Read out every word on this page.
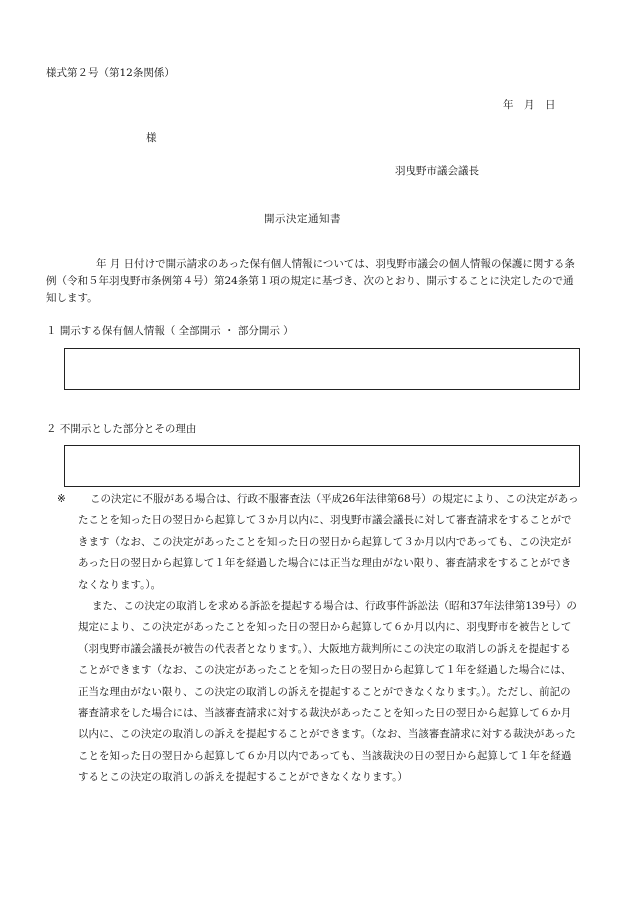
様式第２号（第12条関係）
年　月　日
様
羽曳野市議会議長
開示決定通知書
年 月 日付けで開示請求のあった保有個人情報については、羽曳野市議会の個人情報の保護に関する条例（令和５年羽曳野市条例第４号）第24条第１項の規定に基づき、次のとおり、開示することに決定したので通知します。
１ 開示する保有個人情報（ 全部開示 ・ 部分開示 ）
２ 不開示とした部分とその理由
※	この決定に不服がある場合は、行政不服審査法（平成26年法律第68号）の規定により、この決定があったことを知った日の翌日から起算して３か月以内に、羽曳野市議会議長に対して審査請求をすることができます（なお、この決定があったことを知った日の翌日から起算して３か月以内であっても、この決定があった日の翌日から起算して１年を経過した場合には正当な理由がない限り、審査請求をすることができなくなります。）。

また、この決定の取消しを求める訴訟を提起する場合は、行政事件訴訟法（昭和37年法律第139号）の規定により、この決定があったことを知った日の翌日から起算して６か月以内に、羽曳野市を被告として（羽曳野市議会議長が被告の代表者となります。）、大阪地方裁判所にこの決定の取消しの訴えを提起することができます（なお、この決定があったことを知った日の翌日から起算して１年を経過した場合には、正当な理由がない限り、この決定の取消しの訴えを提起することができなくなります。）。ただし、前記の審査請求をした場合には、当該審査請求に対する裁決があったことを知った日の翌日から起算して６か月以内に、この決定の取消しの訴えを提起することができます。（なお、当該審査請求に対する裁決があったことを知った日の翌日から起算して６か月以内であっても、当該裁決の日の翌日から起算して１年を経過するとこの決定の取消しの訴えを提起することができなくなります。）
